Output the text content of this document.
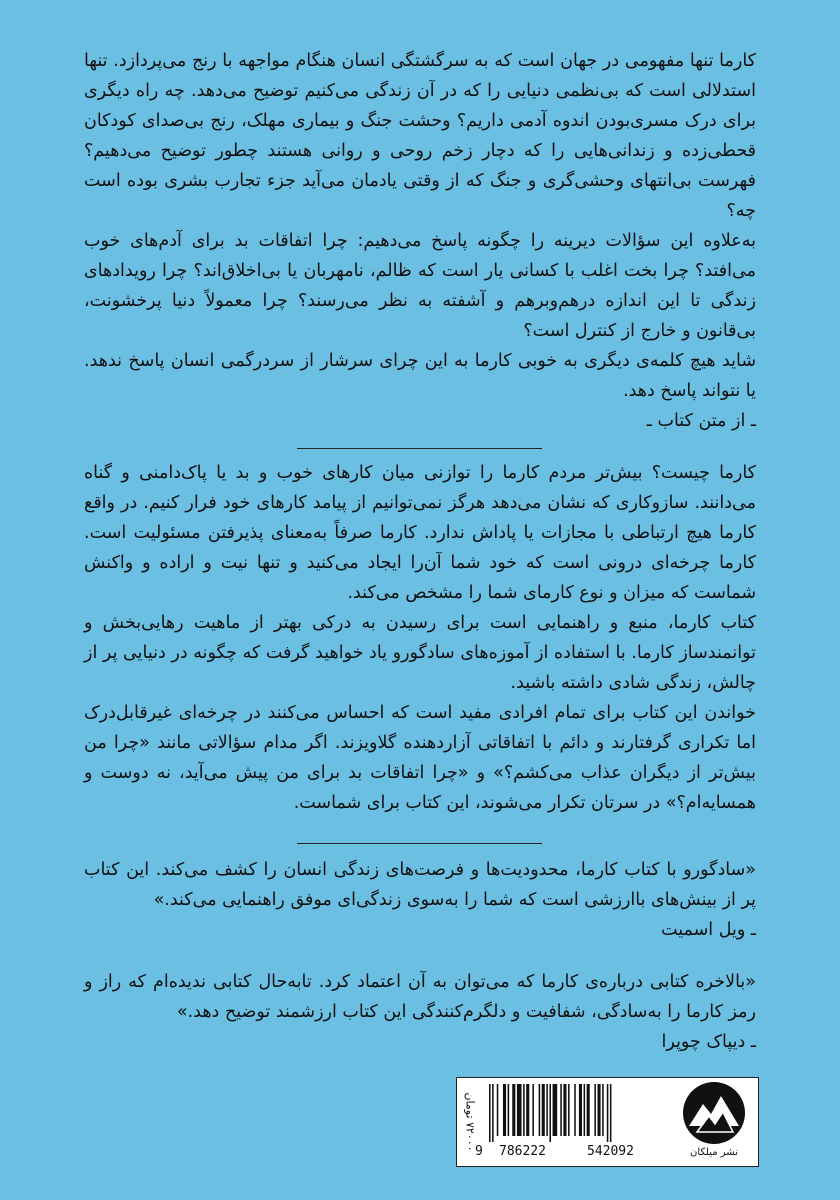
کارما تنها مفهومی در جهان است که به سرگشتگی انسان هنگام مواجهه با رنج می‌پردازد. تنها استدلالی است که بی‌نظمی دنیایی را که در آن زندگی می‌کنیم توضیح می‌دهد. چه راه دیگری برای درک مسری‌بودن اندوه آدمی داریم؟ وحشت جنگ و بیماری مهلک، رنج بی‌صدای کودکان قحطی‌زده و زندانی‌هایی را که دچار زخم روحی و روانی هستند چطور توضیح می‌دهیم؟ فهرست بی‌انتهای وحشی‌گری و جنگ که از وقتی یادمان می‌آید جزء تجارب بشری بوده است چه؟

به‌علاوه این سؤالات دیرینه را چگونه پاسخ می‌دهیم: چرا اتفاقات بد برای آدم‌های خوب می‌افتد؟ چرا بخت اغلب با کسانی یار است که ظالم، نامهربان یا بی‌اخلاق‌اند؟ چرا رویدادهای زندگی تا این اندازه درهم‌وبرهم و آشفته به نظر می‌رسند؟ چرا معمولاً دنیا پرخشونت، بی‌قانون و خارج از کنترل است؟

شاید هیچ کلمه‌ی دیگری به خوبی کارما به این چرای سرشار از سردرگمی انسان پاسخ ندهد. یا نتواند پاسخ دهد.

ـ از متن کتاب ـ

کارما چیست؟ بیش‌تر مردم کارما را توازنی میان کارهای خوب و بد یا پاک‌دامنی و گناه می‌دانند. سازوکاری که نشان می‌دهد هرگز نمی‌توانیم از پیامد کارهای خود فرار کنیم. در واقع کارما هیچ ارتباطی با مجازات یا پاداش ندارد. کارما صرفاً به‌معنای پذیرفتن مسئولیت است. کارما چرخه‌ای درونی است که خود شما آن‌را ایجاد می‌کنید و تنها نیت و اراده و واکنش شماست که میزان و نوع کارمای شما را مشخص می‌کند.

کتاب کارما، منبع و راهنمایی است برای رسیدن به درکی بهتر از ماهیت رهایی‌بخش و توانمندساز کارما. با استفاده از آموزه‌های سادگورو یاد خواهید گرفت که چگونه در دنیایی پر از چالش، زندگی شادی داشته باشید.

خواندن این کتاب برای تمام افرادی مفید است که احساس می‌کنند در چرخه‌ای غیرقابل‌درک اما تکراری گرفتارند و دائم با اتفاقاتی آزاردهنده گلاویزند. اگر مدام سؤالاتی مانند «چرا من بیش‌تر از دیگران عذاب می‌کشم؟» و «چرا اتفاقات بد برای من پیش می‌آید، نه دوست و همسایه‌ام؟» در سرتان تکرار می‌شوند، این کتاب برای شماست.

«سادگورو با کتاب کارما، محدودیت‌ها و فرصت‌های زندگی انسان را کشف می‌کند. این کتاب پر از بینش‌های باارزشی است که شما را به‌سوی زندگی‌ای موفق راهنمایی می‌کند.»

ـ ویل اسمیت

«بالاخره کتابی درباره‌ی کارما که می‌توان به آن اعتماد کرد. تابه‌حال کتابی ندیده‌ام که راز و رمز کارما را به‌سادگی، شفافیت و دلگرم‌کنندگی این کتاب ارزشمند توضیح دهد.»

ـ دیپاک چوپرا

۷۲۰۰۰ تومان
9 786222	542092	نشر میلکان
